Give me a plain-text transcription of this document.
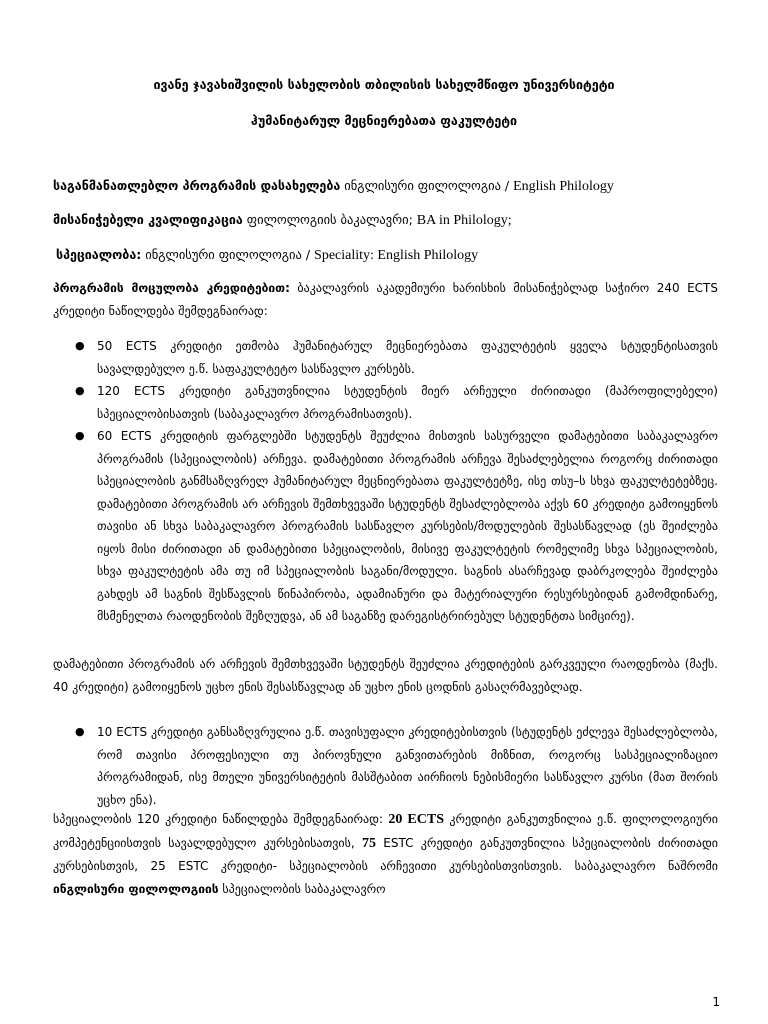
ივანე ჯავახიშვილის სახელობის თბილისის სახელმწიფო უნივერსიტეტი
ჰუმანიტარულ მეცნიერებათა ფაკულტეტი
საგანმანათლებლო პროგრამის დასახელება ინგლისური ფილოლოგია / English Philology
მისანიჭებელი კვალიფიკაცია ფილოლოგიის ბაკალავრი; BA in Philology;
სპეციალობა: ინგლისური ფილოლოგია / Speciality: English Philology
პროგრამის მოცულობა კრედიტებით: ბაკალავრის აკადემიური ხარისხის მისანიჭებლად საჭირო 240 ECTS კრედიტი ნაწილდება შემდეგნაირად:
● 50 ECTS კრედიტი ეთმობა ჰუმანიტარულ მეცნიერებათა ფაკულტეტის ყველა სტუდენტისათვის სავალდებულო ე.წ. საფაკულტეტო სასწავლო კურსებს.
● 120 ECTS კრედიტი განკუთვნილია სტუდენტის მიერ არჩეული ძირითადი (მაპროფილებელი) სპეციალობისათვის (საბაკალავრო პროგრამისათვის).
● 60 ECTS კრედიტის ფარგლებში სტუდენტს შეუძლია მისთვის სასურველი დამატებითი საბაკალავრო პროგრამის (სპეციალობის) არჩევა. დამატებითი პროგრამის არჩევა შესაძლებელია როგორც ძირითადი სპეციალობის განმსაზღვრელ ჰუმანიტარულ მეცნიერებათა ფაკულტეტზე, ისე თსუ–ს სხვა ფაკულტეტებზეც. დამატებითი პროგრამის არ არჩევის შემთხვევაში სტუდენტს შესაძლებლობა აქვს 60 კრედიტი გამოიყენოს თავისი ან სხვა საბაკალავრო პროგრამის სასწავლო კურსების/მოდულების შესასწავლად (ეს შეიძლება იყოს მისი ძირითადი ან დამატებითი სპეციალობის, მისივე ფაკულტეტის რომელიმე სხვა სპეციალობის, სხვა ფაკულტეტის ამა თუ იმ სპეციალობის საგანი/მოდული. საგნის ასარჩევად დაბრკოლება შეიძლება გახდეს ამ საგნის შესწავლის წინაპირობა, ადამიანური და მატერიალური რესურსებიდან გამომდინარე, მსმენელთა რაოდენობის შეზღუდვა, ან ამ საგანზე დარეგისტრირებულ სტუდენტთა სიმცირე).
დამატებითი პროგრამის არ არჩევის შემთხვევაში სტუდენტს შეუძლია კრედიტების გარკვეული რაოდენობა (მაქს. 40 კრედიტი) გამოიყენოს უცხო ენის შესასწავლად ან უცხო ენის ცოდნის გასაღრმავებლად.
● 10 ECTS კრედიტი განსაზღვრულია ე.წ. თავისუფალი კრედიტებისთვის (სტუდენტს ეძლევა შესაძლებლობა, რომ თავისი პროფესიული თუ პიროვნული განვითარების მიზნით, როგორც სასპეციალიზაციო პროგრამიდან, ისე მთელი უნივერსიტეტის მასშტაბით აირჩიოს ნებისმიერი სასწავლო კურსი (მათ შორის უცხო ენა).
სპეციალობის 120 კრედიტი ნაწილდება შემდეგნაირად: 20 ECTS კრედიტი განკუთვნილია ე.წ. ფილოლოგიური კომპეტენციისთვის სავალდებულო კურსებისათვის, 75 ESTC კრედიტი განკუთვნილია სპეციალობის ძირითადი კურსებისთვის, 25 ESTC კრედიტი- სპეციალობის არჩევითი კურსებისთვისთვის. საბაკალავრო ნაშრომი ინგლისური ფილოლოგიის სპეციალობის საბაკალავრო
1
